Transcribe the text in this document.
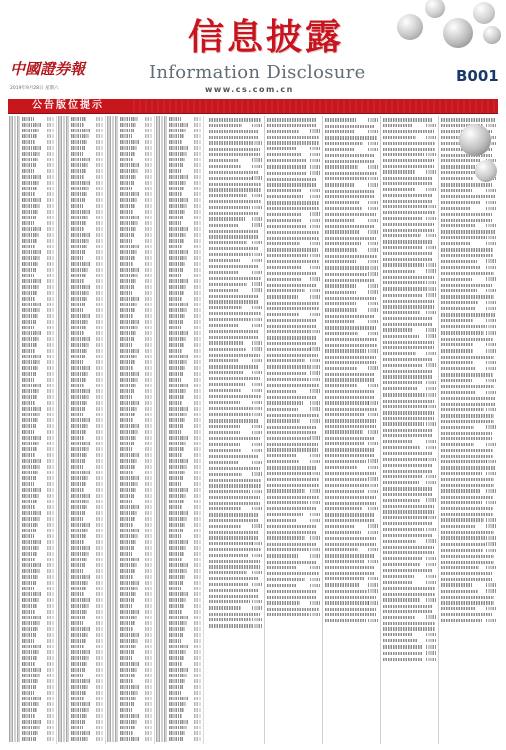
信息披露
中國證券報	Information Disclosure	B001
www.cs.com.cn
2019年9月28日 星期六
公告版位提示
